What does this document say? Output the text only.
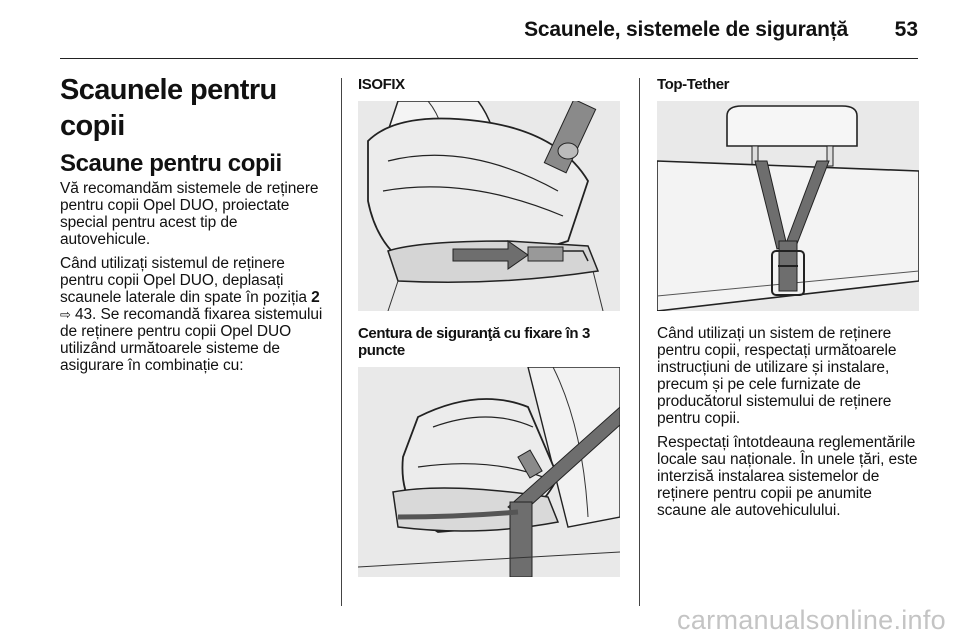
Scaunele, sistemele de siguranță 53
Scaunele pentru copii
Scaune pentru copii

Vă recomandăm sistemele de reținere pentru copii Opel DUO, proiectate special pentru acest tip de autovehicule.

Când utilizați sistemul de reținere pentru copii Opel DUO, deplasați scaunele laterale din spate în poziția 2 ⇨ 43. Se recomandă fixarea sistemului de reținere pentru copii Opel DUO utilizând următoarele sisteme de asigurare în combinație cu:

ISOFIX
Centura de siguranţă cu fixare în 3 puncte
Top-Tether

Când utilizați un sistem de reținere pentru copii, respectați următoarele instrucțiuni de utilizare și instalare, precum și pe cele furnizate de producătorul sistemului de reținere pentru copii.

Respectați întotdeauna reglementările locale sau naționale. În unele țări, este interzisă instalarea sistemelor de reținere pentru copii pe anumite scaune ale autovehiculului.

carmanualsonline.info
